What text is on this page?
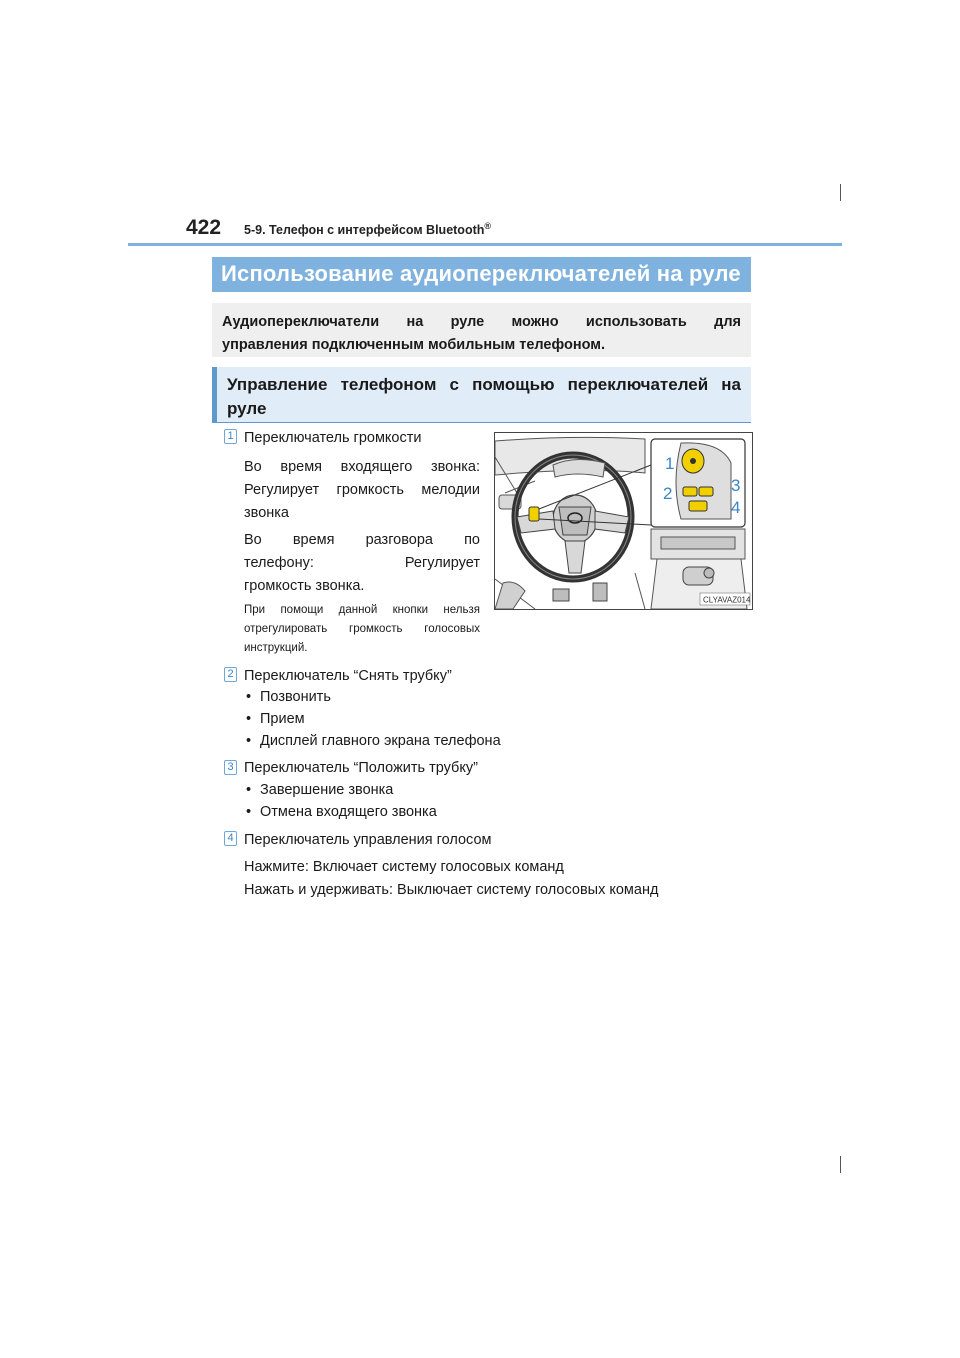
422 5-9. Телефон с интерфейсом Bluetooth®
Использование аудиопереключателей на руле
Аудиопереключатели на руле можно использовать для
управления подключенным мобильным телефоном.
Управление телефоном с помощью переключателей на
руле
1 Переключатель громкости
Во время входящего звонка:
Регулирует громкость мелодии
звонка
Во время разговора по
телефону: Регулирует
громкость звонка.
При помощи данной кнопки нельзя
отрегулировать громкость голосовых
инструкций.
1
2	3
4
CLYAVAZ014
2 Переключатель “Снять трубку”
• Позвонить
• Прием
• Дисплей главного экрана телефона
3 Переключатель “Положить трубку”
• Завершение звонка
• Отмена входящего звонка
4 Переключатель управления голосом
Нажмите: Включает систему голосовых команд
Нажать и удерживать: Выключает систему голосовых команд
